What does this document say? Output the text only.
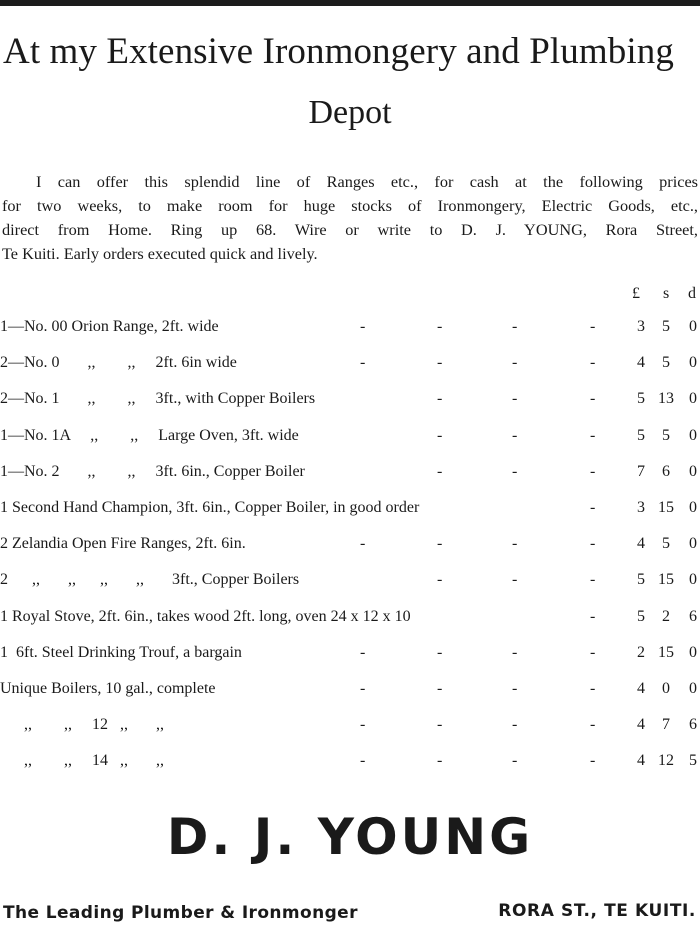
At my Extensive Ironmongery and Plumbing
Depot
I can offer this splendid line of Ranges etc., for cash at the following prices
for two weeks, to make room for huge stocks of Ironmongery, Electric Goods, etc.,
direct from Home. Ring up 68. Wire or write to D. J. YOUNG, Rora Street,
Te Kuiti. Early orders executed quick and lively.
£ s d
1—No. 00 Orion Range, 2ft. wide	-	-	-	-	3	5	0
2—No. 0       ,,        ,,     2ft. 6in wide	-	-	-	-	4	5	0
2—No. 1       ,,        ,,     3ft., with Copper Boilers	-	-	-	5 13 0
1—No. 1A     ,,        ,,     Large Oven, 3ft. wide	-	-	-	5	5	0
1—No. 2       ,,        ,,     3ft. 6in., Copper Boiler	-	-	-	7	6	0
1 Second Hand Champion, 3ft. 6in., Copper Boiler, in good order	-	3 15 0
2 Zelandia Open Fire Ranges, 2ft. 6in.	-	-	-	-	4	5	0
2      ,,       ,,      ,,       ,,       3ft., Copper Boilers	-	-	-	5 15 0
1 Royal Stove, 2ft. 6in., takes wood 2ft. long, oven 24 x 12 x 10	-	5	2	6
1  6ft. Steel Drinking Trouf, a bargain	-	-	-	-	2 15 0
Unique Boilers, 10 gal., complete	-	-	-	-	4	0	0
,,        ,,     12   ,,       ,,	-	-	-	-	4	7	6
,,        ,,     14   ,,       ,,	-	-	-	-	4 12 5
D. J. YOUNG
The Leading Plumber & Ironmonger	RORA ST., TE KUITI.
